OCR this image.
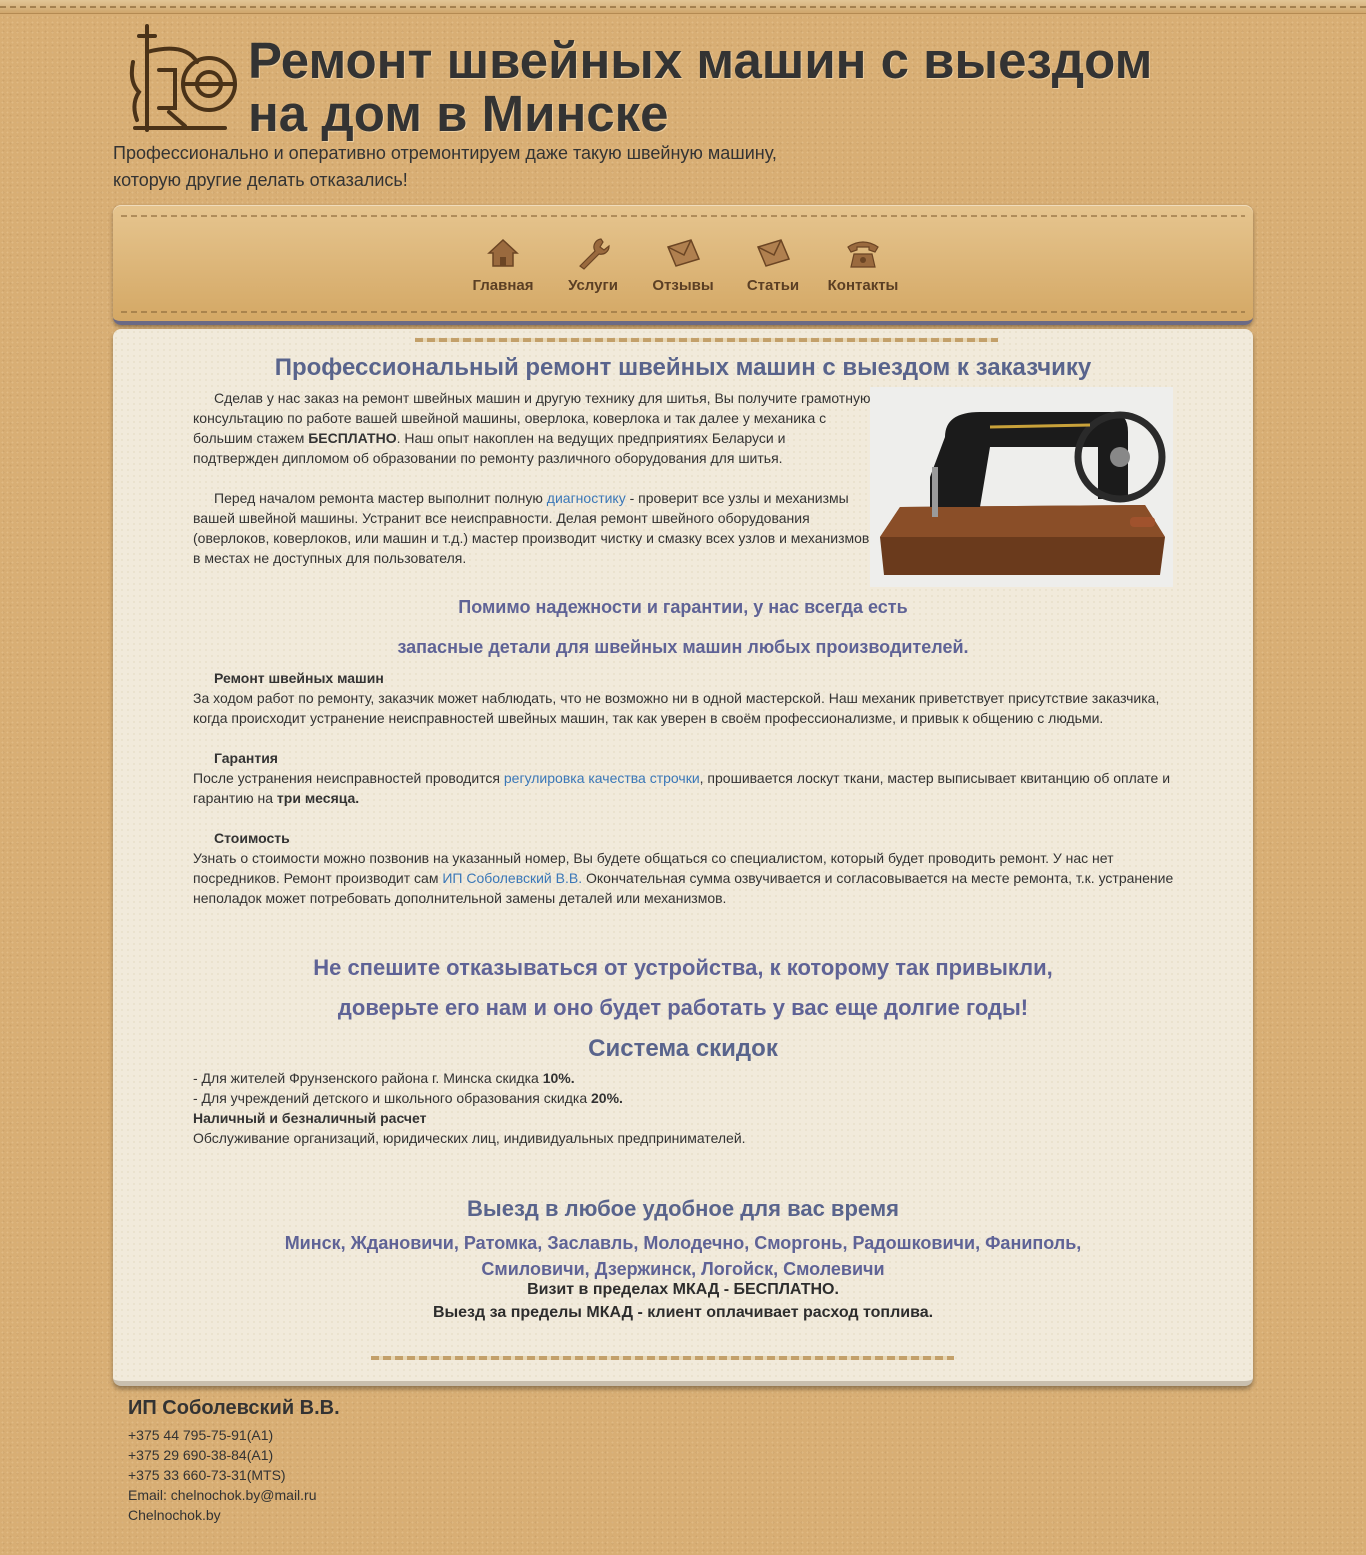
Ремонт швейных машин с выездом
на дом в Минске
Профессионально и оперативно отремонтируем даже такую швейную машину,
которую другие делать отказались!
Главная	Услуги	Отзывы	Статьи	Контакты
Профессиональный ремонт швейных машин с выездом к заказчику
Сделав у нас заказ на ремонт швейных машин и другую технику для шитья, Вы получите грамотную консультацию по работе вашей швейной машины, оверлока, коверлока и так далее у механика с большим стажем БЕСПЛАТНО. Наш опыт накоплен на ведущих предприятиях Беларуси и подтвержден дипломом об образовании по ремонту различного оборудования для шитья.
Перед началом ремонта мастер выполнит полную диагностику - проверит все узлы и механизмы вашей швейной машины. Устранит все неисправности. Делая ремонт швейного оборудования (оверлоков, коверлоков, или машин и т.д.) мастер производит чистку и смазку всех узлов и механизмов в местах не доступных для пользователя.
Помимо надежности и гарантии, у нас всегда есть
запасные детали для швейных машин любых производителей.
Ремонт швейных машин
За ходом работ по ремонту, заказчик может наблюдать, что не возможно ни в одной мастерской. Наш механик приветствует присутствие заказчика, когда происходит устранение неисправностей швейных машин, так как уверен в своём профессионализме, и привык к общению с людьми.
Гарантия
После устранения неисправностей проводится регулировка качества строчки, прошивается лоскут ткани, мастер выписывает квитанцию об оплате и гарантию на три месяца.
Стоимость
Узнать о стоимости можно позвонив на указанный номер, Вы будете общаться со специалистом, который будет проводить ремонт. У нас нет посредников. Ремонт производит сам ИП Соболевский В.В. Окончательная сумма озвучивается и согласовывается на месте ремонта, т.к. устранение неполадок может потребовать дополнительной замены деталей или механизмов.
Не спешите отказываться от устройства, к которому так привыкли,
доверьте его нам и оно будет работать у вас еще долгие годы!
Система скидок
- Для жителей Фрунзенского района г. Минска скидка 10%.
- Для учреждений детского и школьного образования скидка 20%.
Наличный и безналичный расчет
Обслуживание организаций, юридических лиц, индивидуальных предпринимателей.
Выезд в любое удобное для вас время
Минск, Ждановичи, Ратомка, Заславль, Молодечно, Сморгонь, Радошковичи, Фаниполь,
Смиловичи, Дзержинск, Логойск, Смолевичи
Визит в пределах МКАД - БЕСПЛАТНО.
Выезд за пределы МКАД - клиент оплачивает расход топлива.
ИП Соболевский В.В.
+375 44 795-75-91(A1)
+375 29 690-38-84(A1)
+375 33 660-73-31(MTS)
Email: chelnochok.by@mail.ru
Chelnochok.by
